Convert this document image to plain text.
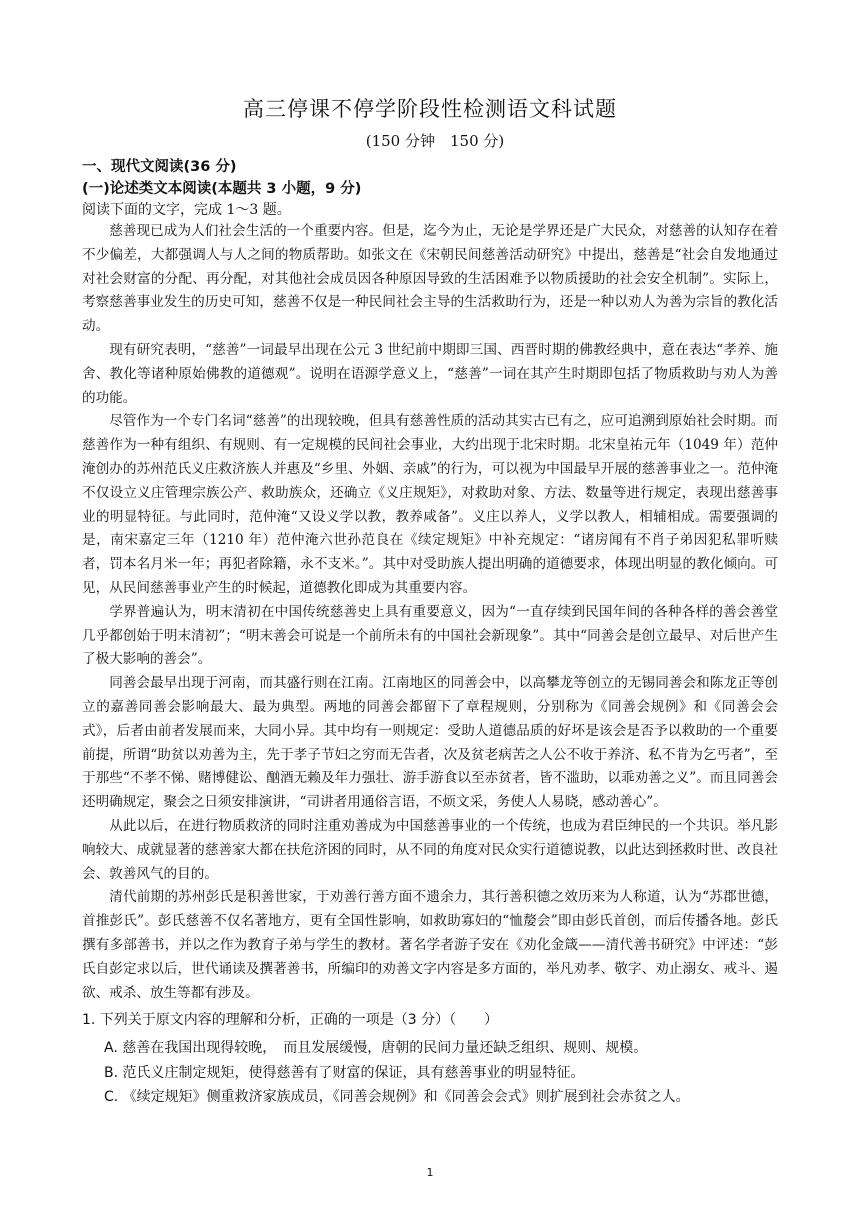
高三停课不停学阶段性检测语文科试题
(150 分钟　150 分)
一、现代文阅读(36 分)
(一)论述类文本阅读(本题共 3 小题，9 分)
阅读下面的文字，完成 1～3 题。

慈善现已成为人们社会生活的一个重要内容。但是，迄今为止，无论是学界还是广大民众，对慈善的认知存在着不少偏差，大都强调人与人之间的物质帮助。如张文在《宋朝民间慈善活动研究》中提出，慈善是“社会自发地通过对社会财富的分配、再分配，对其他社会成员因各种原因导致的生活困难予以物质援助的社会安全机制”。实际上，考察慈善事业发生的历史可知，慈善不仅是一种民间社会主导的生活救助行为，还是一种以劝人为善为宗旨的教化活动。

现有研究表明，“慈善”一词最早出现在公元 3 世纪前中期即三国、西晋时期的佛教经典中，意在表达“孝养、施舍、教化等诸种原始佛教的道德观”。说明在语源学意义上，“慈善”一词在其产生时期即包括了物质救助与劝人为善的功能。

尽管作为一个专门名词“慈善”的出现较晚，但具有慈善性质的活动其实古已有之，应可追溯到原始社会时期。而慈善作为一种有组织、有规则、有一定规模的民间社会事业，大约出现于北宋时期。北宋皇祐元年（1049 年）范仲淹创办的苏州范氏义庄救济族人并惠及“乡里、外姻、亲戚”的行为，可以视为中国最早开展的慈善事业之一。范仲淹不仅设立义庄管理宗族公产、救助族众，还确立《义庄规矩》，对救助对象、方法、数量等进行规定，表现出慈善事业的明显特征。与此同时，范仲淹“又设义学以教，教养咸备”。义庄以养人，义学以教人，相辅相成。需要强调的是，南宋嘉定三年（1210 年）范仲淹六世孙范良在《续定规矩》中补充规定：“诸房闻有不肖子弟因犯私罪听赎者，罚本名月米一年；再犯者除籍，永不支米。”。其中对受助族人提出明确的道德要求，体现出明显的教化倾向。可见，从民间慈善事业产生的时候起，道德教化即成为其重要内容。

学界普遍认为，明末清初在中国传统慈善史上具有重要意义，因为“一直存续到民国年间的各种各样的善会善堂几乎都创始于明末清初”；“明末善会可说是一个前所未有的中国社会新现象”。其中“同善会是创立最早、对后世产生了极大影响的善会”。

同善会最早出现于河南，而其盛行则在江南。江南地区的同善会中，以高攀龙等创立的无锡同善会和陈龙正等创立的嘉善同善会影响最大、最为典型。两地的同善会都留下了章程规则，分别称为《同善会规例》和《同善会会式》，后者由前者发展而来，大同小异。其中均有一则规定：受助人道德品质的好坏是该会是否予以救助的一个重要前提，所谓“助贫以劝善为主，先于孝子节妇之穷而无告者，次及贫老病苦之人公不收于养济、私不肯为乞丐者”，至于那些“不孝不悌、赌博健讼、酗酒无赖及年力强壮、游手游食以至赤贫者，皆不滥助，以乖劝善之义”。而且同善会还明确规定，聚会之日须安排演讲，“司讲者用通俗言语，不烦文采，务使人人易晓，感动善心”。

从此以后，在进行物质救济的同时注重劝善成为中国慈善事业的一个传统，也成为君臣绅民的一个共识。举凡影响较大、成就显著的慈善家大都在扶危济困的同时，从不同的角度对民众实行道德说教，以此达到拯救时世、改良社会、敦善风气的目的。

清代前期的苏州彭氏是积善世家，于劝善行善方面不遗余力，其行善积德之效历来为人称道，认为“苏郡世德，首推彭氏”。彭氏慈善不仅名著地方，更有全国性影响，如救助寡妇的“恤嫠会”即由彭氏首创，而后传播各地。彭氏撰有多部善书，并以之作为教育子弟与学生的教材。著名学者游子安在《劝化金箴——清代善书研究》中评述：“彭氏自彭定求以后，世代诵读及撰著善书，所编印的劝善文字内容是多方面的，举凡劝孝、敬字、劝止溺女、戒斗、遏欲、戒杀、放生等都有涉及。

1. 下列关于原文内容的理解和分析，正确的一项是（3 分）（　　）

A. 慈善在我国出现得较晚，　而且发展缓慢，唐朝的民间力量还缺乏组织、规则、规模。

B. 范氏义庄制定规矩，使得慈善有了财富的保证，具有慈善事业的明显特征。

C. 《续定规矩》侧重救济家族成员，《同善会规例》和《同善会会式》则扩展到社会赤贫之人。

1
